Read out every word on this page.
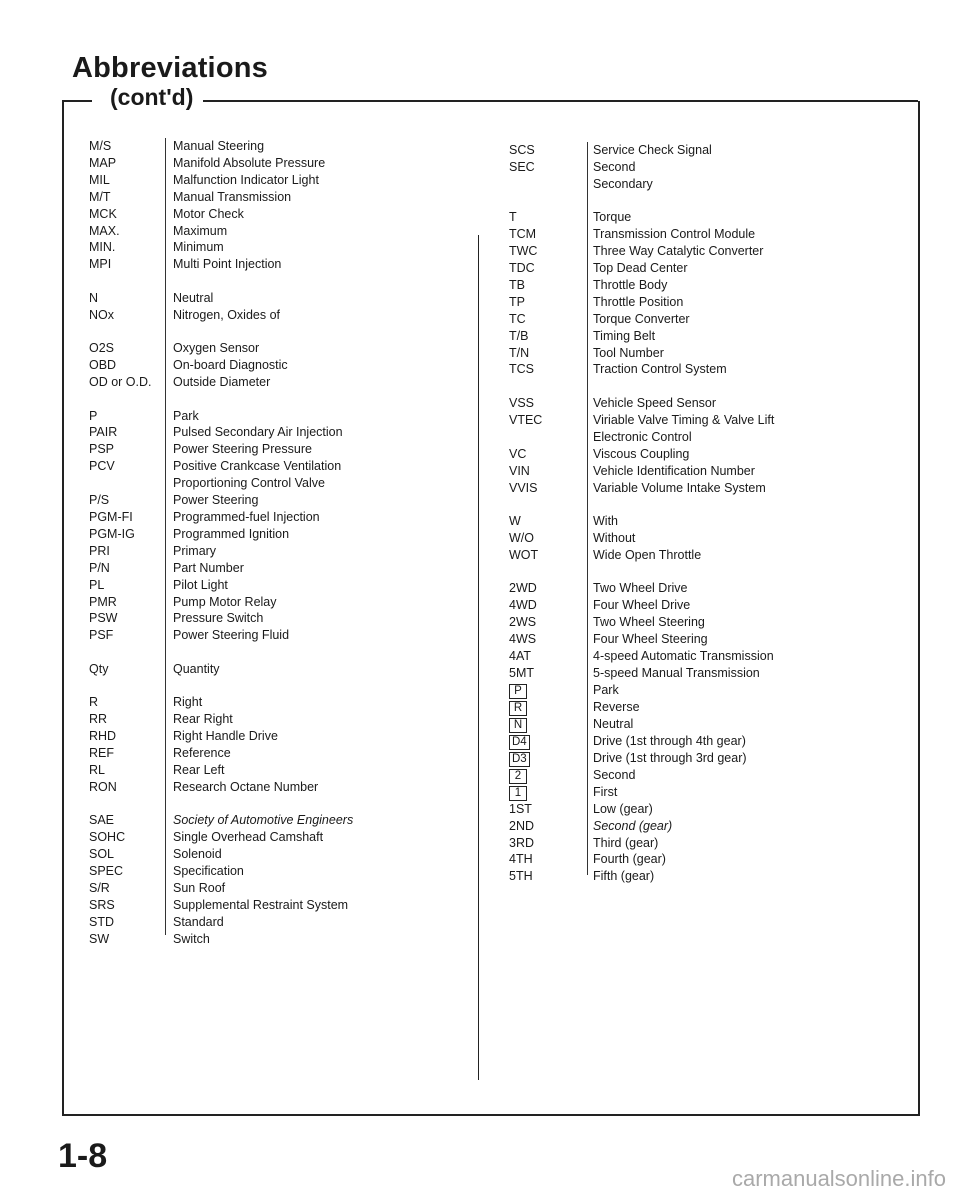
Abbreviations
(cont'd)
M/S	Manual Steering
MAP	Manifold Absolute Pressure
MIL	Malfunction Indicator Light
M/T	Manual Transmission
MCK	Motor Check
MAX.	Maximum
MIN.	Minimum
MPI	Multi Point Injection
N	Neutral
NOx	Nitrogen, Oxides of
O2S	Oxygen Sensor
OBD	On-board Diagnostic
OD or O.D.	Outside Diameter
P	Park
PAIR	Pulsed Secondary Air Injection
PSP	Power Steering Pressure
PCV	Positive Crankcase Ventilation
Proportioning Control Valve
P/S	Power Steering
PGM-FI	Programmed-fuel Injection
PGM-IG	Programmed Ignition
PRI	Primary
P/N	Part Number
PL	Pilot Light
PMR	Pump Motor Relay
PSW	Pressure Switch
PSF	Power Steering Fluid
Qty	Quantity
R	Right
RR	Rear Right
RHD	Right Handle Drive
REF	Reference
RL	Rear Left
RON	Research Octane Number
SAE	Society of Automotive Engineers
SOHC	Single Overhead Camshaft
SOL	Solenoid
SPEC	Specification
S/R	Sun Roof
SRS	Supplemental Restraint System
STD	Standard
SW	Switch
SCS	Service Check Signal
SEC	Second
Secondary
T	Torque
TCM	Transmission Control Module
TWC	Three Way Catalytic Converter
TDC	Top Dead Center
TB	Throttle Body
TP	Throttle Position
TC	Torque Converter
T/B	Timing Belt
T/N	Tool Number
TCS	Traction Control System
VSS	Vehicle Speed Sensor
VTEC	Viriable Valve Timing & Valve Lift
Electronic Control
VC	Viscous Coupling
VIN	Vehicle Identification Number
VVIS	Variable Volume Intake System
W	With
W/O	Without
WOT	Wide Open Throttle
2WD	Two Wheel Drive
4WD	Four Wheel Drive
2WS	Two Wheel Steering
4WS	Four Wheel Steering
4AT	4-speed Automatic Transmission
5MT	5-speed Manual Transmission
P	Park
R	Reverse
N	Neutral
D4	Drive (1st through 4th gear)
D3	Drive (1st through 3rd gear)
2	Second
1	First
1ST	Low (gear)
2ND	Second (gear)
3RD	Third (gear)
4TH	Fourth (gear)
5TH	Fifth (gear)
1-8
carmanualsonline.info
